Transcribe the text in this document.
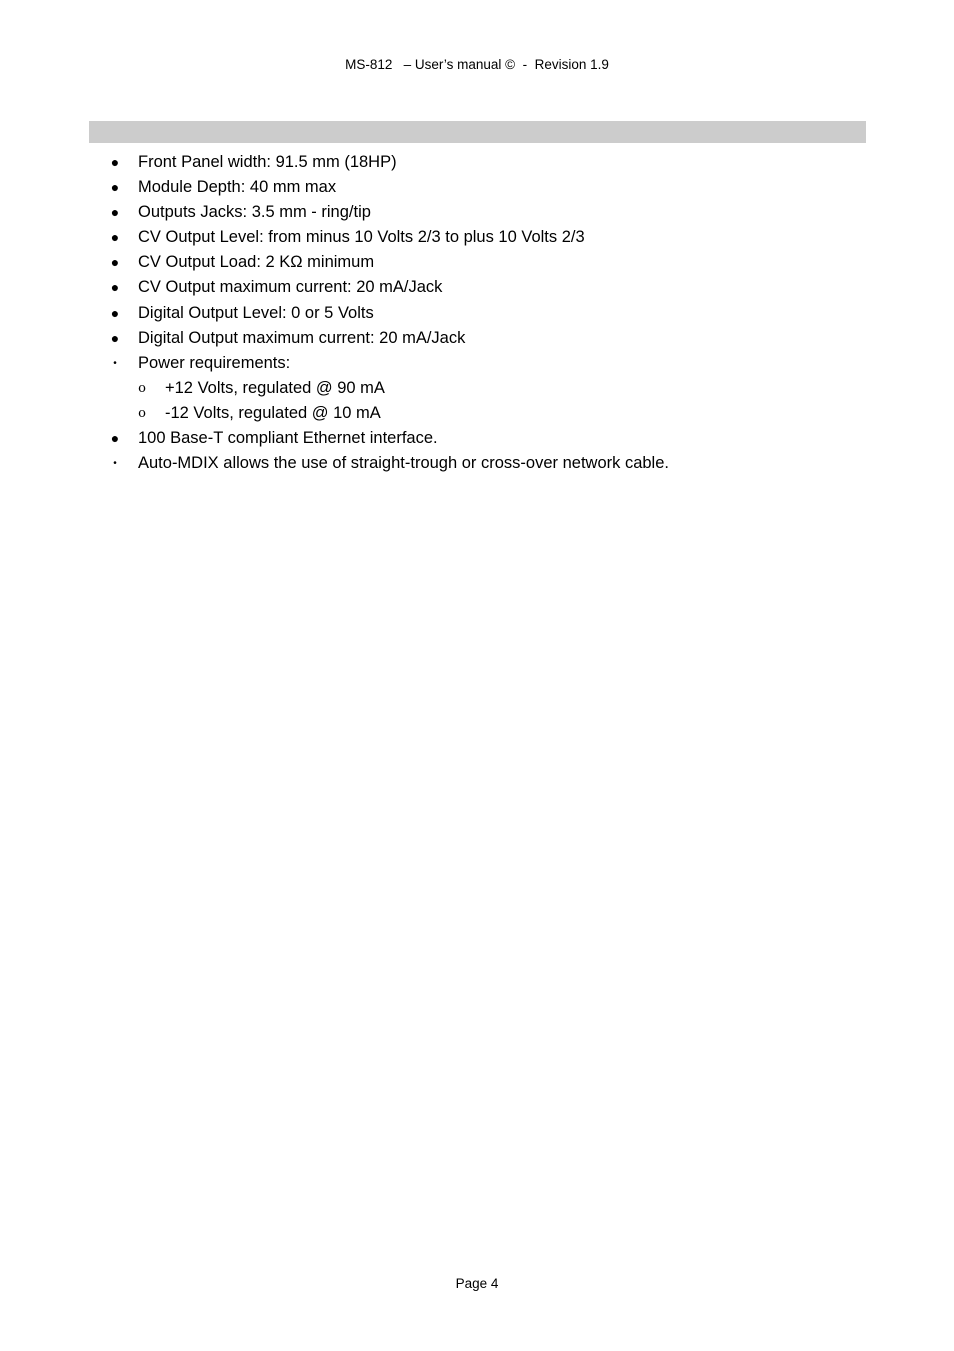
MS-812   – User’s manual ©  -  Revision 1.9
● Front Panel width: 91.5 mm (18HP)
● Module Depth: 40 mm max
● Outputs Jacks: 3.5 mm - ring/tip
● CV Output Level: from minus 10 Volts 2/3 to plus 10 Volts 2/3
● CV Output Load: 2 KΩ minimum
● CV Output maximum current: 20 mA/Jack
● Digital Output Level: 0 or 5 Volts
● Digital Output maximum current: 20 mA/Jack
•	Power requirements:
ο +12 Volts, regulated @ 90 mA
ο -12 Volts, regulated @ 10 mA
● 100 Base-T compliant Ethernet interface.
•	Auto-MDIX allows the use of straight-trough or cross-over network cable.
Page 4
